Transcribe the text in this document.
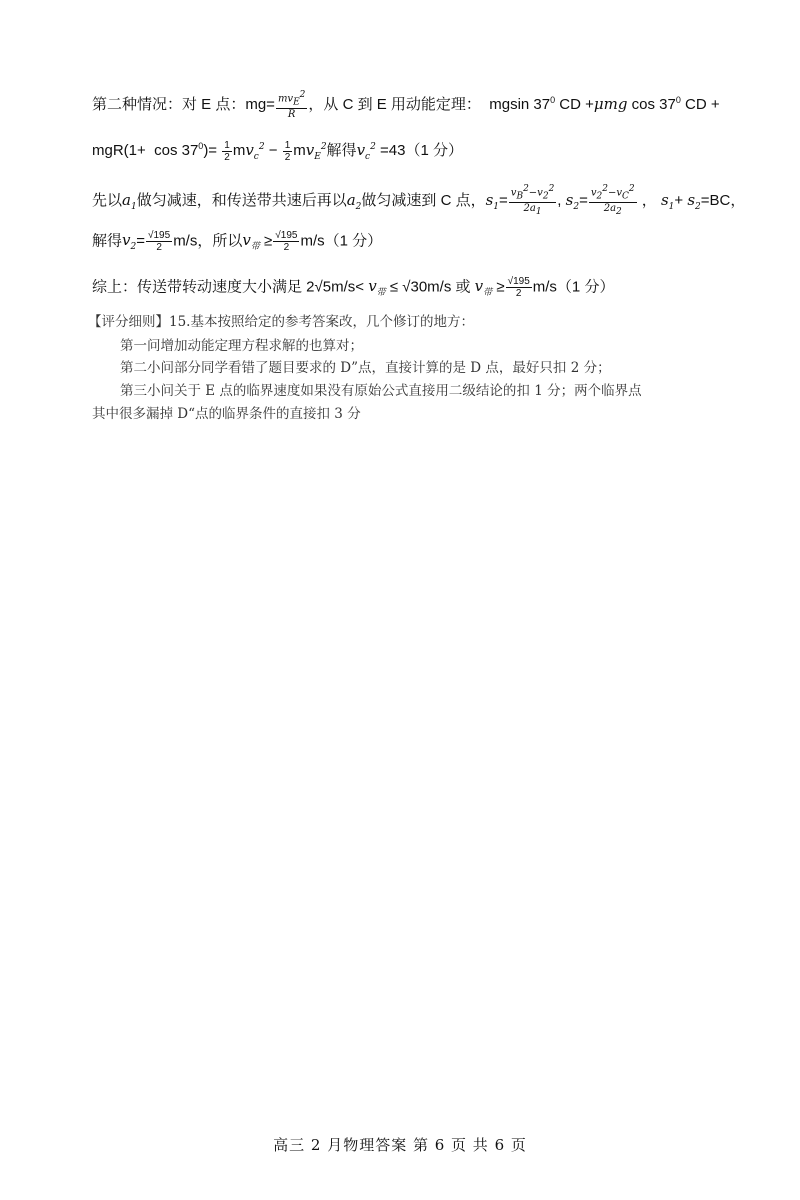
第二种情况：对 E 点：$mg= \frac{mv_E^2}{R}$ ，从 C 到 E 用动能定理：  mgsin $37^0$ CD +μmg $\cos 37^0$ CD +
$mgR(1+ \cos 37^0)= \frac{1}{2} mv_c^2 - \frac{1}{2} mv_E^2$解得$v_c^2 =43(1$ 分）
先以$a_1$做匀减速，和传送带共速后再以$a_2$做匀减速到 C 点，$s_1= \frac{v_B^2-v_2^2}{2a_1}$ , $s_2= \frac{v_2^2-v_C^2}{2a_2}$ ， $s_1+ s_2=BC$，
解得$v_2= \frac{√195}{2} m/s$，所以$v_带 \ge \frac{√195}{2} m/s(1$ 分）
综上：传送带转动速度大小满足 $2√5m/s< v_带 \le √30m/s$ 或 $v_带 \ge \frac{√195}{2} m/s(1$ 分）
【评分细则】15.基本按照给定的参考答案改，几个修订的地方：
第一问增加动能定理方程求解的也算对；
第二小问部分同学看错了题目要求的 D”点，直接计算的是 D 点，最好只扣 2 分；
第三小问关于 E 点的临界速度如果没有原始公式直接用二级结论的扣 1 分；两个临界点
其中很多漏掉 D“点的临界条件的直接扣 3 分
高三 2 月物理答案 第 6 页 共 6 页
